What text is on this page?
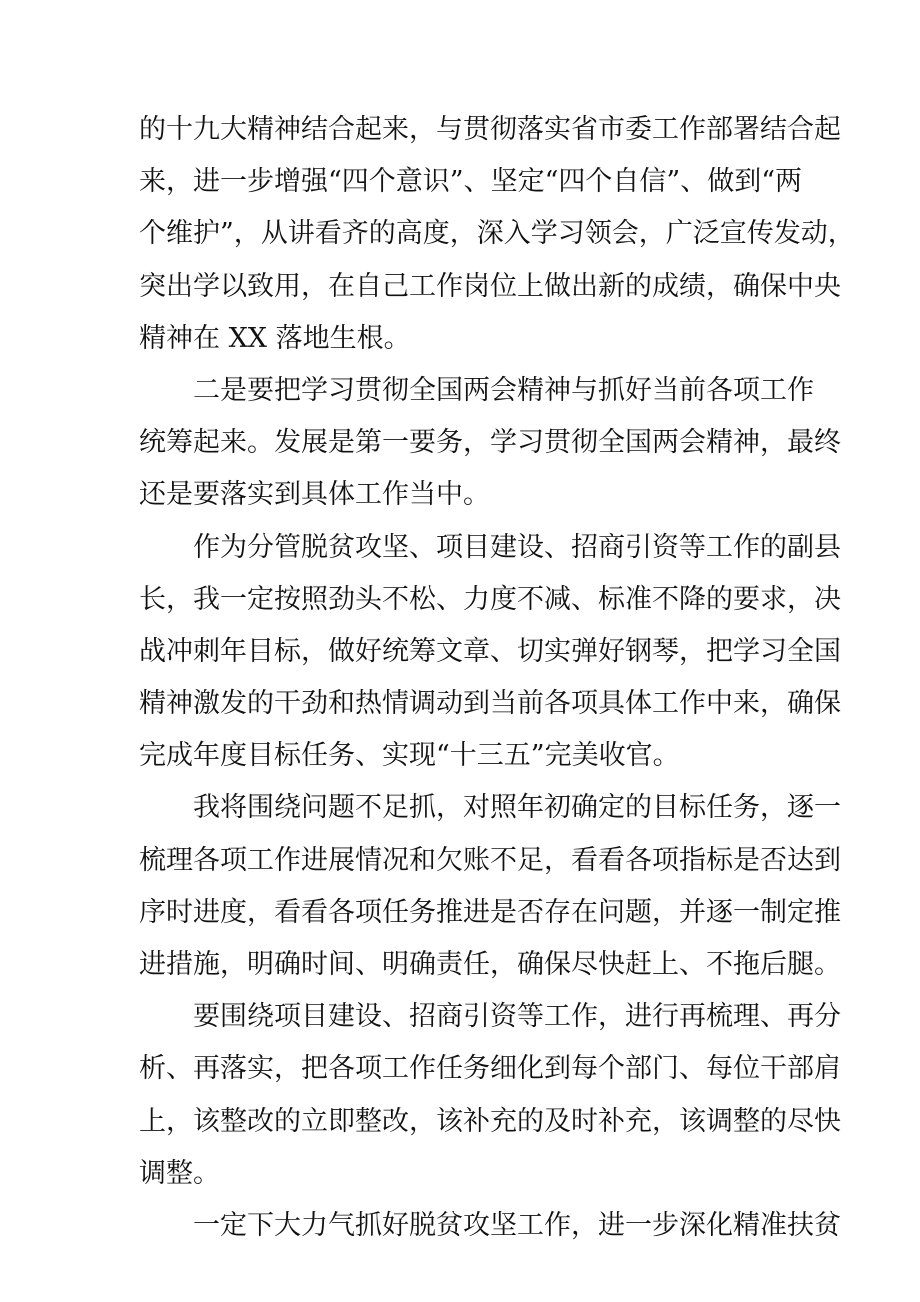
的十九大精神结合起来，与贯彻落实省市委工作部署结合起
来，进一步增强“四个意识”、坚定“四个自信”、做到“两
个维护”，从讲看齐的高度，深入学习领会，广泛宣传发动，
突出学以致用，在自己工作岗位上做出新的成绩，确保中央
精神在 XX 落地生根。
二是要把学习贯彻全国两会精神与抓好当前各项工作
统筹起来。发展是第一要务，学习贯彻全国两会精神，最终
还是要落实到具体工作当中。
作为分管脱贫攻坚、项目建设、招商引资等工作的副县
长，我一定按照劲头不松、力度不减、标准不降的要求，决
战冲刺年目标，做好统筹文章、切实弹好钢琴，把学习全国
精神激发的干劲和热情调动到当前各项具体工作中来，确保
完成年度目标任务、实现“十三五”完美收官。
我将围绕问题不足抓，对照年初确定的目标任务，逐一
梳理各项工作进展情况和欠账不足，看看各项指标是否达到
序时进度，看看各项任务推进是否存在问题，并逐一制定推
进措施，明确时间、明确责任，确保尽快赶上、不拖后腿。
要围绕项目建设、招商引资等工作，进行再梳理、再分
析、再落实，把各项工作任务细化到每个部门、每位干部肩
上，该整改的立即整改，该补充的及时补充，该调整的尽快
调整。
一定下大力气抓好脱贫攻坚工作，进一步深化精准扶贫
